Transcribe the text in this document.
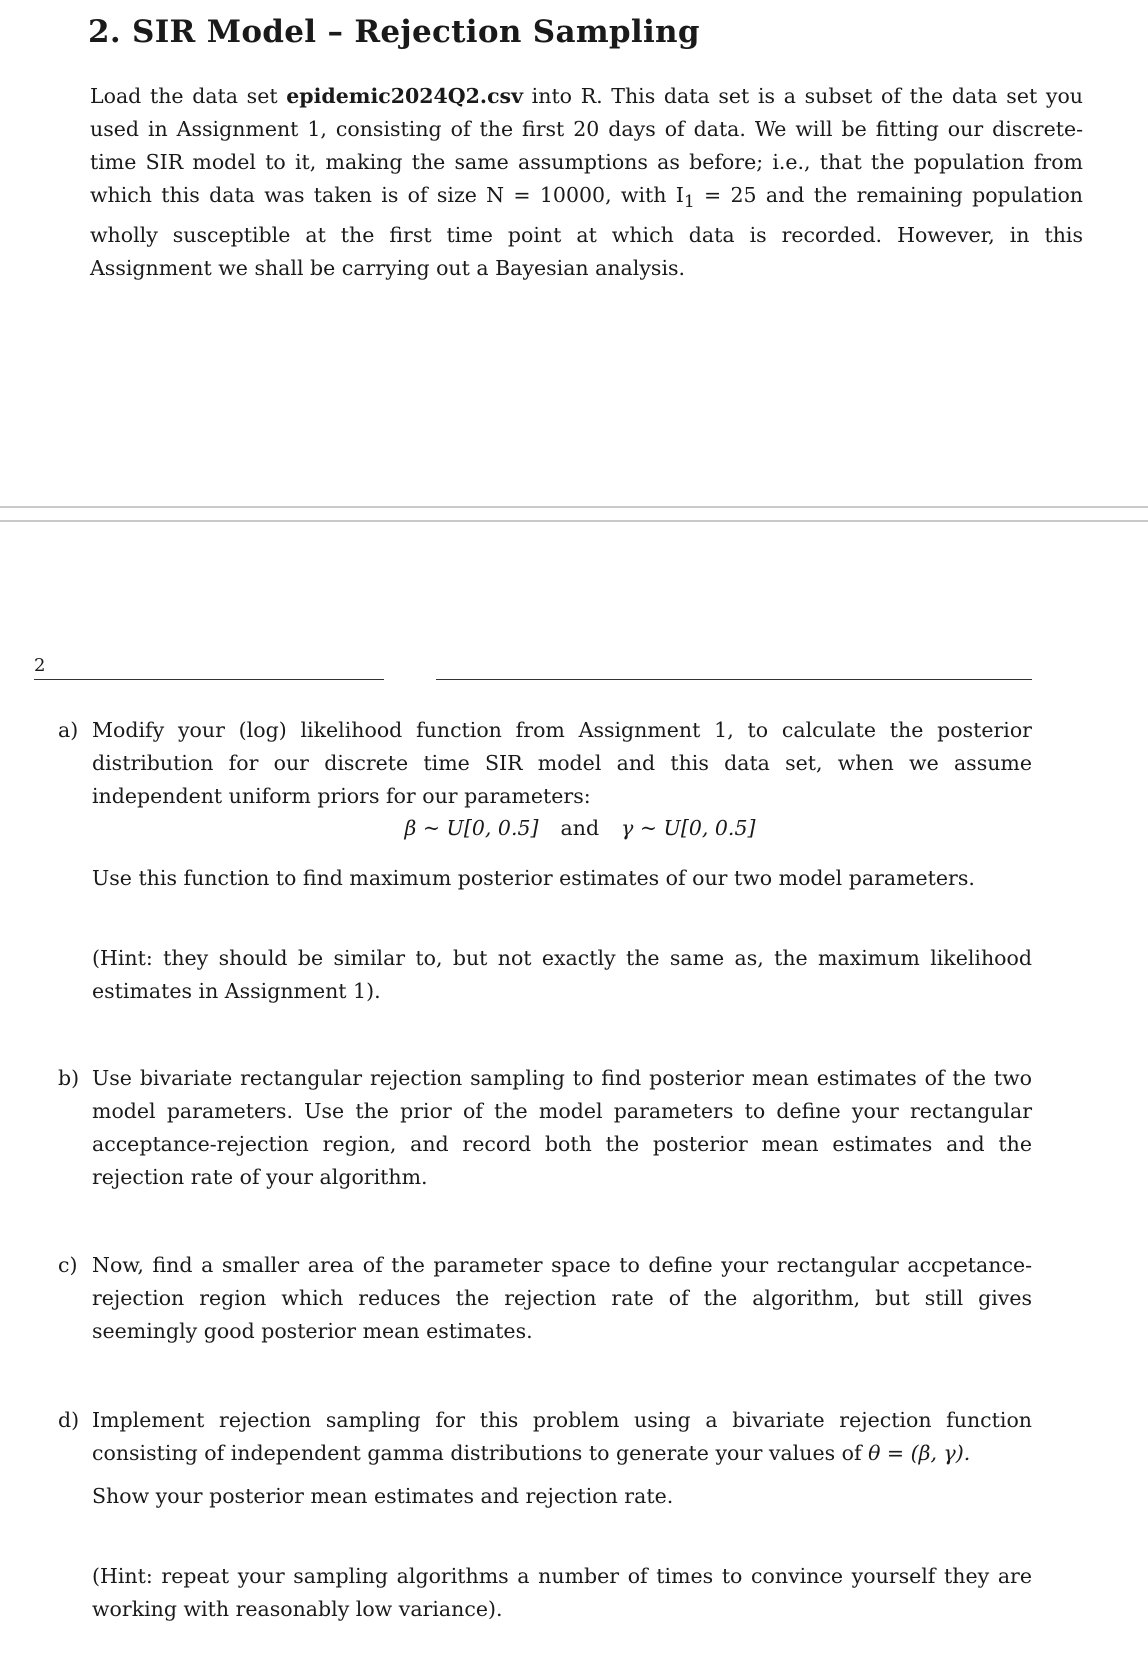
2. SIR Model – Rejection Sampling
Load the data set epidemic2024Q2.csv into R. This data set is a subset of the data set you used in Assignment 1, consisting of the first 20 days of data. We will be fitting our discrete-time SIR model to it, making the same assumptions as before; i.e., that the population from which this data was taken is of size N = 10000, with $I_1 = 25$ and the remaining population wholly susceptible at the first time point at which data is recorded. However, in this Assignment we shall be carrying out a Bayesian analysis.
2
a) Modify your (log) likelihood function from Assignment 1, to calculate the posterior distribution for our discrete time SIR model and this data set, when we assume independent uniform priors for our parameters:
β ~ U[0, 0.5] and γ ~ U[0, 0.5]
Use this function to find maximum posterior estimates of our two model parameters.
(Hint: they should be similar to, but not exactly the same as, the maximum likelihood estimates in Assignment 1).
b) Use bivariate rectangular rejection sampling to find posterior mean estimates of the two model parameters. Use the prior of the model parameters to define your rectangular acceptance-rejection region, and record both the posterior mean estimates and the rejection rate of your algorithm.
c) Now, find a smaller area of the parameter space to define your rectangular accpetance-rejection region which reduces the rejection rate of the algorithm, but still gives seemingly good posterior mean estimates.
d) Implement rejection sampling for this problem using a bivariate rejection function consisting of independent gamma distributions to generate your values of θ = (β, γ).
Show your posterior mean estimates and rejection rate.
(Hint: repeat your sampling algorithms a number of times to convince yourself they are working with reasonably low variance).
